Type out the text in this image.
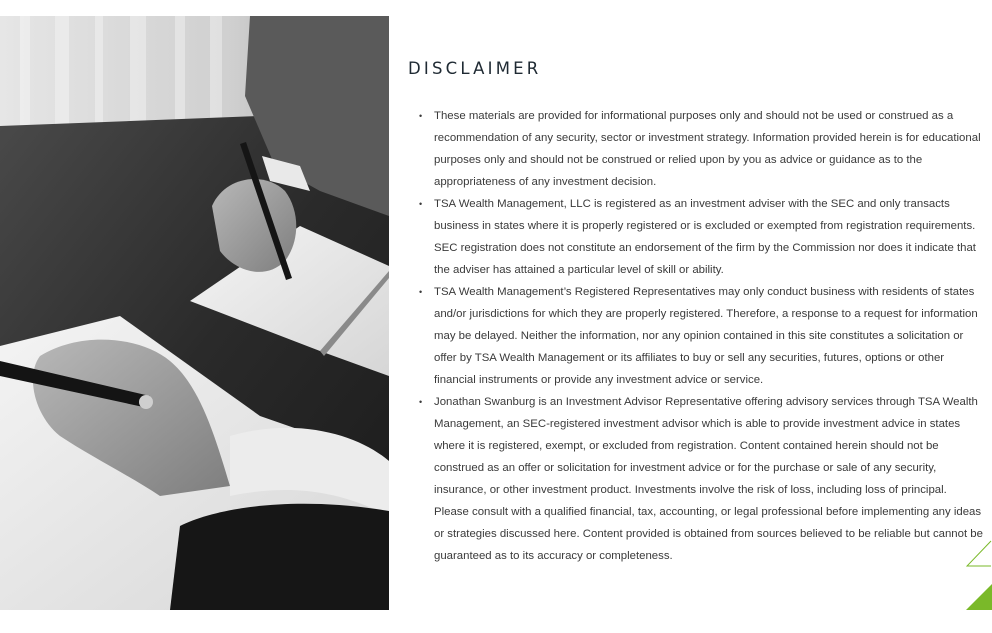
DISCLAIMER
• These materials are provided for informational purposes only and should not be used or construed as a recommendation of any security, sector or investment strategy. Information provided herein is for educational purposes only and should not be construed or relied upon by you as advice or guidance as to the appropriateness of any investment decision.
• TSA Wealth Management, LLC is registered as an investment adviser with the SEC and only transacts business in states where it is properly registered or is excluded or exempted from registration requirements. SEC registration does not constitute an endorsement of the firm by the Commission nor does it indicate that the adviser has attained a particular level of skill or ability.
• TSA Wealth Management’s Registered Representatives may only conduct business with residents of states and/or jurisdictions for which they are properly registered. Therefore, a response to a request for information may be delayed. Neither the information, nor any opinion contained in this site constitutes a solicitation or offer by TSA Wealth Management or its affiliates to buy or sell any securities, futures, options or other financial instruments or provide any investment advice or service.
• Jonathan Swanburg is an Investment Advisor Representative offering advisory services through TSA Wealth Management, an SEC-registered investment advisor which is able to provide investment advice in states where it is registered, exempt, or excluded from registration. Content contained herein should not be construed as an offer or solicitation for investment advice or for the purchase or sale of any security, insurance, or other investment product. Investments involve the risk of loss, including loss of principal. Please consult with a qualified financial, tax, accounting, or legal professional before implementing any ideas or strategies discussed here. Content provided is obtained from sources believed to be reliable but cannot be guaranteed as to its accuracy or completeness.
